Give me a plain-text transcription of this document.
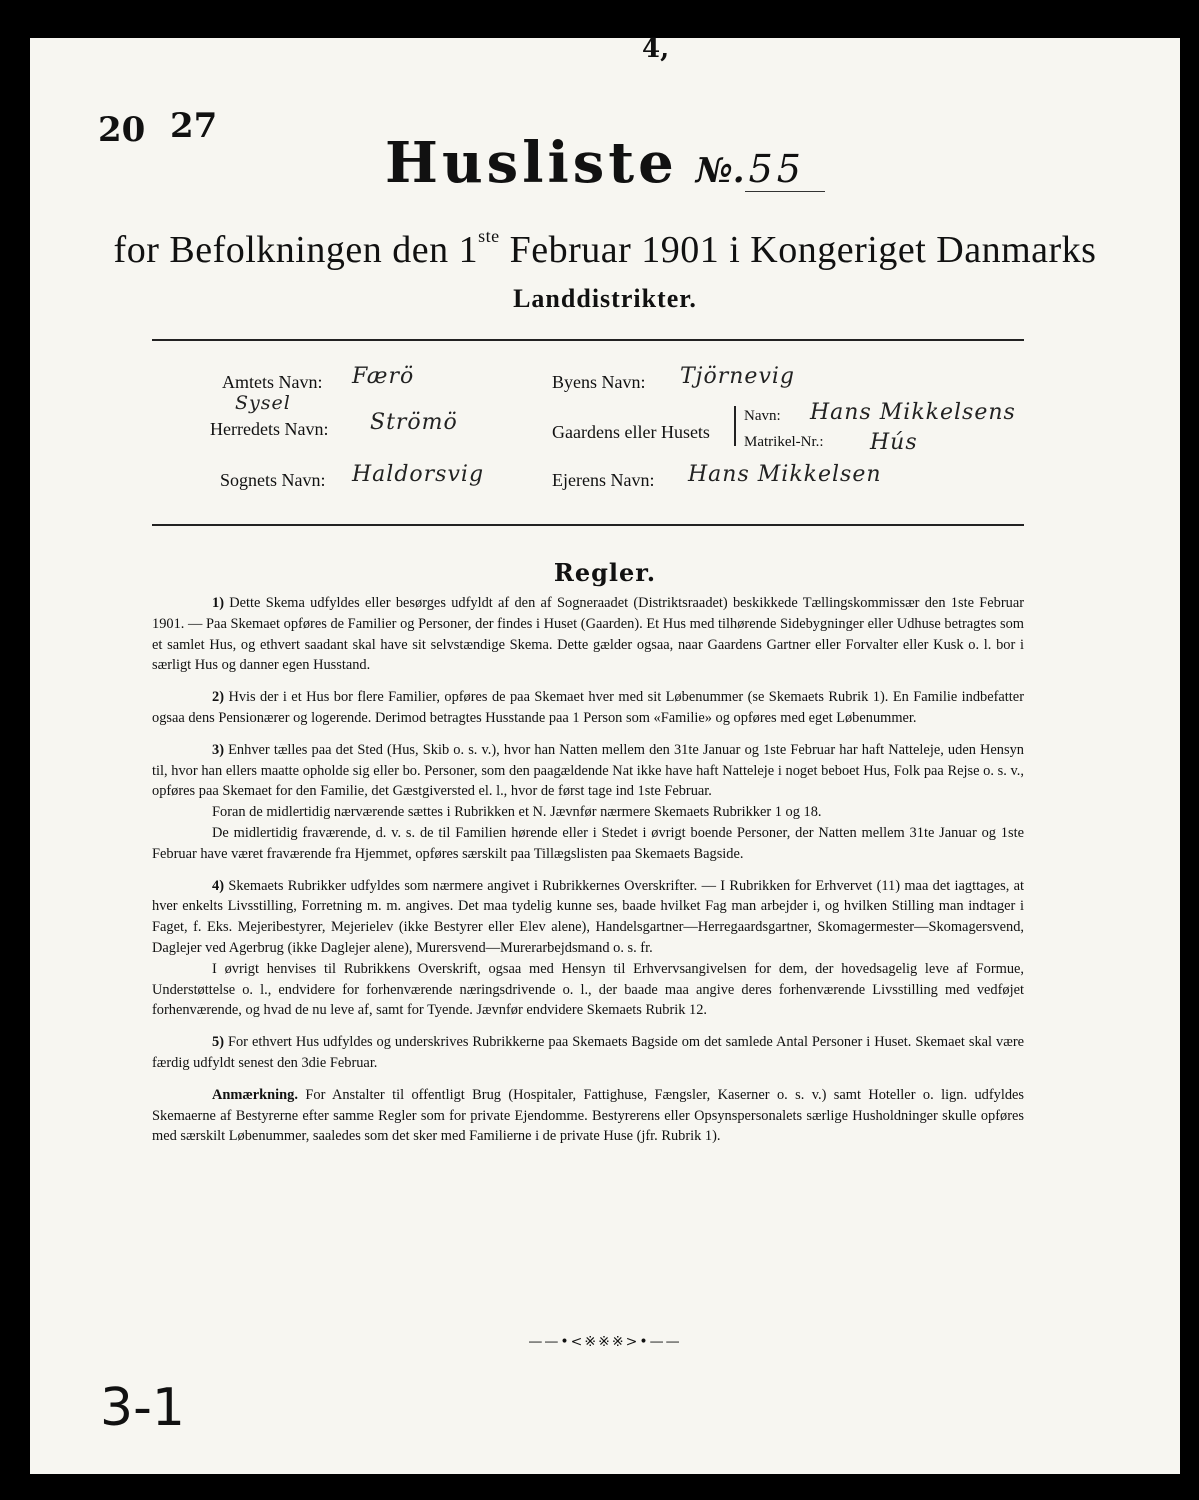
4,
20 27
Husliste №. 55
for Befolkningen den 1ste Februar 1901 i Kongeriget Danmarks
Landdistrikter.
Amtets Navn: Færö	Byens Navn: Tjörnevig
Sysel
Herredets Navn: Strömö	Gaardens eller Husets
Navn: Hans Mikkelsens
Matrikel-Nr.: Hús
Sognets Navn: Haldorsvig	Ejerens Navn: Hans Mikkelsen
Regler.

1) Dette Skema udfyldes eller besørges udfyldt af den af Sogneraadet (Distriktsraadet) beskikkede Tællingskommissær den 1ste Februar 1901. — Paa Skemaet opføres de Familier og Personer, der findes i Huset (Gaarden). Et Hus med tilhørende Sidebygninger eller Udhuse betragtes som et samlet Hus, og ethvert saadant skal have sit selvstændige Skema. Dette gælder ogsaa, naar Gaardens Gartner eller Forvalter eller Kusk o. l. bor i særligt Hus og danner egen Husstand.

2) Hvis der i et Hus bor flere Familier, opføres de paa Skemaet hver med sit Løbenummer (se Skemaets Rubrik 1). En Familie indbefatter ogsaa dens Pensionærer og logerende. Derimod betragtes Husstande paa 1 Person som «Familie» og opføres med eget Løbenummer.

3) Enhver tælles paa det Sted (Hus, Skib o. s. v.), hvor han Natten mellem den 31te Januar og 1ste Februar har haft Natteleje, uden Hensyn til, hvor han ellers maatte opholde sig eller bo. Personer, som den paagældende Nat ikke have haft Natteleje i noget beboet Hus, Folk paa Rejse o. s. v., opføres paa Skemaet for den Familie, det Gæstgiversted el. l., hvor de først tage ind 1ste Februar.

Foran de midlertidig nærværende sættes i Rubrikken et N. Jævnfør nærmere Skemaets Rubrikker 1 og 18.

De midlertidig fraværende, d. v. s. de til Familien hørende eller i Stedet i øvrigt boende Personer, der Natten mellem 31te Januar og 1ste Februar have været fraværende fra Hjemmet, opføres særskilt paa Tillægslisten paa Skemaets Bagside.

4) Skemaets Rubrikker udfyldes som nærmere angivet i Rubrikkernes Overskrifter. — I Rubrikken for Erhvervet (11) maa det iagttages, at hver enkelts Livsstilling, Forretning m. m. angives. Det maa tydelig kunne ses, baade hvilket Fag man arbejder i, og hvilken Stilling man indtager i Faget, f. Eks. Mejeribestyrer, Mejerielev (ikke Bestyrer eller Elev alene), Handelsgartner—Herregaardsgartner, Skomagermester—Skomagersvend, Daglejer ved Agerbrug (ikke Daglejer alene), Murersvend—Murerarbejdsmand o. s. fr.

I øvrigt henvises til Rubrikkens Overskrift, ogsaa med Hensyn til Erhvervsangivelsen for dem, der hovedsagelig leve af Formue, Understøttelse o. l., endvidere for forhenværende næringsdrivende o. l., der baade maa angive deres forhenværende Livsstilling med vedføjet forhenværende, og hvad de nu leve af, samt for Tyende. Jævnfør endvidere Skemaets Rubrik 12.

5) For ethvert Hus udfyldes og underskrives Rubrikkerne paa Skemaets Bagside om det samlede Antal Personer i Huset. Skemaet skal være færdig udfyldt senest den 3die Februar.

Anmærkning. For Anstalter til offentligt Brug (Hospitaler, Fattighuse, Fængsler, Kaserner o. s. v.) samt Hoteller o. lign. udfyldes Skemaerne af Bestyrerne efter samme Regler som for private Ejendomme. Bestyrerens eller Opsynspersonalets særlige Husholdninger skulle opføres med særskilt Løbenummer, saaledes som det sker med Familierne i de private Huse (jfr. Rubrik 1).

——•<※※※>•——
3-1
